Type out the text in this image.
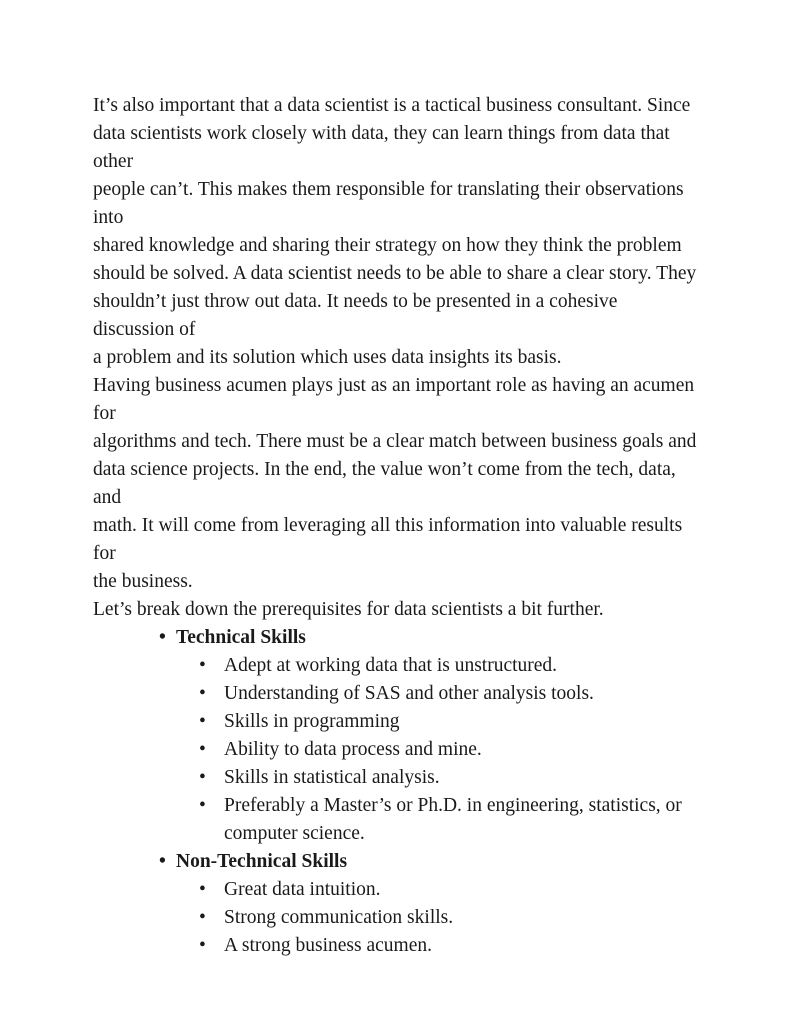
It’s also important that a data scientist is a tactical business consultant. Since
data scientists work closely with data, they can learn things from data that other
people can’t. This makes them responsible for translating their observations into
shared knowledge and sharing their strategy on how they think the problem
should be solved. A data scientist needs to be able to share a clear story. They
shouldn’t just throw out data. It needs to be presented in a cohesive discussion of
a problem and its solution which uses data insights its basis.

Having business acumen plays just as an important role as having an acumen for
algorithms and tech. There must be a clear match between business goals and
data science projects. In the end, the value won’t come from the tech, data, and
math. It will come from leveraging all this information into valuable results for
the business.

Let’s break down the prerequisites for data scientists a bit further.

• Technical Skills
• Adept at working data that is unstructured.
• Understanding of SAS and other analysis tools.
• Skills in programming
• Ability to data process and mine.
• Skills in statistical analysis.
• Preferably a Master’s or Ph.D. in engineering, statistics, or
computer science.
• Non-Technical Skills
• Great data intuition.
• Strong communication skills.
• A strong business acumen.
